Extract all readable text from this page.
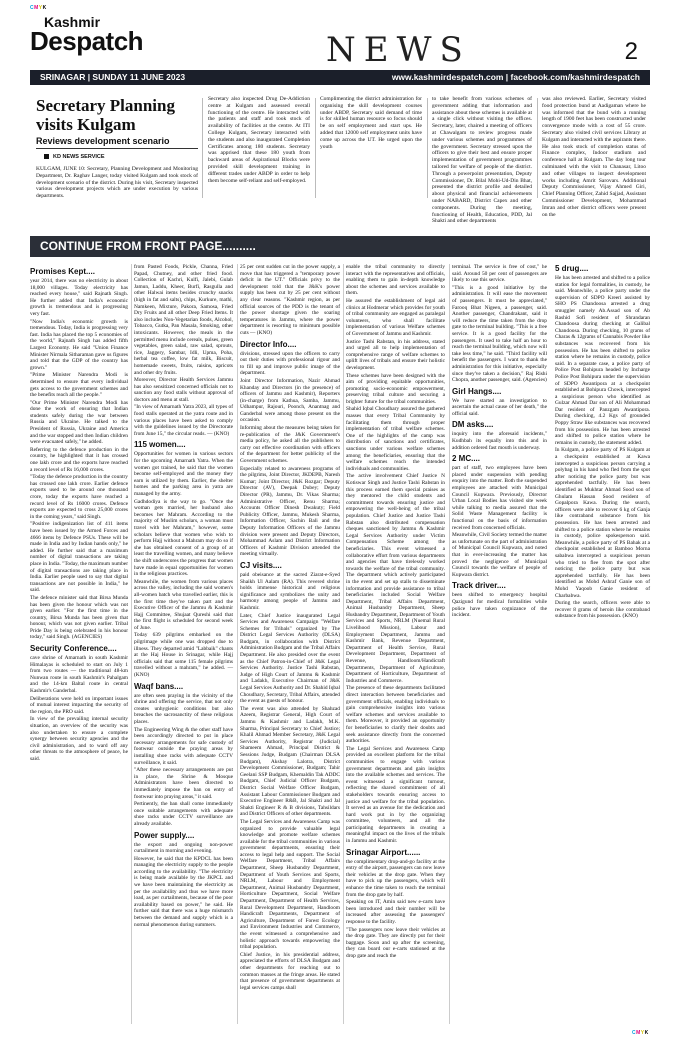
CMYK
Kashmir
Despatch	NEWS	2
SRINAGAR | SUNDAY 11 JUNE 2023	www.kashmirdespatch.com | facebook.com/kashmirdespatch
Secretary Planning visits Kulgam
Reviews development scenario
KD NEWS SERVICE

KULGAM, JUNE 10: Secretary, Planning Development and Monitoring Department, Dr. Raghav Langer, today visited Kulgam and took stock of development scenario of the district. During his visit, Secretary inspected various development projects which are under execution by various departments.

Secretary also inspected Drug De-Addiction centre at Kulgam and assessed overall functioning of the centre. He interacted with the patients and staff and took stock of availability of facilities at the centre. At ITI College Kulgam, Secretary interacted with the students and also inaugurated Completion Certificates among 180 students. Secretary was apprised that these 180 youth from backward areas of Aspirational Blocks were provided skill development training in different trades under ABDP in order to help them become self-reliant and self-employed.

Complimenting the district administration for organising the skill development courses under ABDP, Secretary said demand of time is for skilled human resource so focus should be on self employment and start ups. He added that 12000 self employment units have come up across the UT. He urged upon the youth

to take benefit from various schemes of government adding that information and assistance about these schemes is available at a single click without visiting the offices. Secretary, later, chaired a meeting of officers at Chawalgam to review progress made under various schemes and programmes of the government. Secretary stressed upon the officers to give their best and ensure proper implementation of government programmes tailored for welfare of people of the district. Through a powerpoint presentation, Deputy Commissioner, Dr. Bilal Mohi-Ud-Din Bhat, presented the district profile and detailed about physical and financial achievements under NABARD, District Capex and other components. During the meeting, functioning of Health, Education, PDD, Jal Shakti and other departments

was also reviewed. Earlier, Secretary visited food protection bund at Aadigaman where he was informed that the bund with a running length of 1900 feet has been constructed under convergence mode with a cost of 55 crore. Secretary also visited civil services Library at Kulgam and interacted with the aspirants there. He also took stock of completion status of Finance complex, Indoor stadium and conference hall at Kulgam. The day long tour culminated with the visit to Chanasar, Litoo and other villages to inspect development works including Amrit Sarovars. Additional Deputy Commissioner, Vijay Ahmed Giri, Chief Planning Officer, Zahid Sajjad, Assistant Commissioner Development, Mohammad Imran and other district officers were present on the

CONTINUE FROM FRONT PAGE..........
Promises Kept....

year 2014, there was no electricity in about 18,000 villages. Today electricity has reached every house," said Rajnath Singh. He further added that India's economic growth is tremendous and is progressing very fast.

"Now India's economic growth is tremendous. Today, India is progressing very fast. India has placed the top 5 economies of the world," Rajnath Singh has added fifth Largest Economy. He said "Union Finance Minister Nirmala Sitharaman gave us figures and told that the GDP of the country has grown."

"Prime Minister Narendra Modi is determined to ensure that every individual gets access to the government schemes and the benefits reach all the people."

"Our Prime Minister Narendra Modi has done the work of ensuring that Indian students safely during the war between Russia and Ukraine. He talked to the President of Russia, Ukraine and America and the war stopped and then Indian children were evacuated safely," he added.

Referring to the defence production in the country, he highlighted that it has crossed one lakh crore and the exports have reached a record level of Rs 16,000 crores.

"Today the defence production in the country has crossed one lakh crore. Earlier defence exports used to be around one thousand crore, today the exports have reached a record level of Rs 16000 crores. Defence exports are expected to cross 25,000 crores in the coming years," said Singh.

"Positive indigenization list of 411 items have been issued by the Armed Forces and 4666 items by Defence PSUs. These will be made in India and by Indian hands only," he added. He further said that a maximum number of digital transactions are taking place in India. "Today, the maximum number of digital transactions are taking place in India. Earlier people used to say that digital transactions are not possible in India," he said.

The defence minister said that Birsa Munda has been given the honour which was not given earlier. "For the first time in the country, Birsa Munda has been given that honour, which was not given earlier. Tribal Pride Day is being celebrated in his honour today," said Singh. (AGENCIES)

Security Conference....

cave shrine of Amarnath in south Kashmir Himalayas is scheduled to start on July 1 from two routes — the traditional 48-km Nunwan route in south Kashmir's Pahalgam and the 14-km Baltal route in central Kashmir's Ganderbal.

Deliberations were held on important issues of mutual interest impacting the security of the region, the PRO said.

In view of the prevailing internal security situation, an overview of the security was also undertaken to ensure a complete synergy between security agencies and the civil administration, and to ward off any other threats to the atmosphere of peace, he said.

from Pasted Foods, Pickle, Channa, Fried Papad, Chutney, and other fried food. Collection of Kachri, Kulfi, Jalebi, Gulab Jamun, Laddu, Kheer, Burfi, Rasgulla and other Halwai items besides crunchy snacks (high in fat and salts), chips, Kurkure, mathi, Namkeen, Mixture, Pakora, Samosa, Fried Dry Fruits and all other Deep Fried Items. It also includes Non-Vegetarian foods, Alcohol, Tobacco, Gutka, Pan Masala, Smoking, other intoxicants. However, the meals in the permitted menu include cereals, pulses, green vegetables, green salad, raw salad, sprouts, rice, Jaggery, Sambar, Idli, Upma, Poha, herbal tea coffee, low fat milk, Biscuit, homemade sweets, fruits, raisins, apricots and other dry fruits.

Moreover, Director Health Services Jammu has also sensitized concerned officials not to sanction any food stalls without approval of doctors and menu at stall.

"In view of Amarnath Yatra 2023, all types of food stalls operated at the yatra route and in various places have been asked to comply with the guidelines issued by the Directorate from June 15," the circular reads. — (KNO)

115 women....

Opportunities for women in various sectors for the upcoming Amarnath Yatra. When the women got trained, he said that the women become self-employed and the money they earn is utilized by them. Earlier, the shelter homes and the parking area in yatra are managed by the army.

Gadhdodiya is the way to go. "Once the woman gets married, her husband also becomes her Mahram. According to the majority of Muslim scholars, a woman must travel with her Mahram," however, some scholars believe that women who wish to perform Hajj without a Mahram may do so if she has obtained consent of a group of at least the travelling women, and many believe the shift underscores the progress that women have made in equal opportunities for women in the religious practices.

Meanwhile, the women from various places across the valley, including the said women's all-women batch who travelled earlier, this is the first time they've taken part and the Executive Officer of the Jammu & Kashmir Hajj Committee, Shujaat Qureshi said that the first flight is scheduled for second week of June.

Today 639 pilgrims embarked on the pilgrimage while one was dropped due to illness. They departed amid "Labbaik" chants at the Haj House in Srinagar, while Hajj officials said that some 115 female pilgrims travelled without a mahram," he added. — (KNO)

Waqf bans....

are often seen praying in the vicinity of the shrine and offering the service, that not only creates unhygienic conditions but also breaches the sacrosanctity of these religious places.

The Engineering Wing & the other staff have been accordingly directed to put in place necessary arrangements for safe custody of footwear outside the praying areas by installing shoe racks with adequate CCTV surveillance, it said.

"After these necessary arrangements are put in place, the Shrine & Mosque Administrators have been directed to immediately impose the ban on entry of footwear into praying areas," it said.

Pertinently, the ban shall come immediately once suitable arrangements with adequate shoe racks under CCTV surveillance are already available.

Power supply....

the export and ongoing non-power curtailment in morning and evening.

However, he said that the KPDCL has been managing the electricity supply to the people according to the availability. "The electricity is being made available by the JKPCL and we have been maintaining the electricity as per the availability and thus we have more load, as per curtailments, because of the poor availability based on power," he said. He further said that there was a huge mismatch between the demand and supply which is a normal phenomenon during summers.

25 per cent sudden cut in the power supply, a move that has triggered a "temporary power deficit in the UT." Officials privy to the development told that the J&K's power supply has been cut by 25 per cent without any clear reasons. "Kashmir region, as per official sources of the PDD is the tenant of the power shortage given the soaring temperatures in Jammu, where the power department is resorting to minimum possible cuts — (KNO)

Director Info....

divisions, stressed upon the officers to carry out their duties with professional rigour and to fill up and improve public image of the department.

Joint Director Information, Nazir Ahmad Khanday and Directors (in the presence) of officers of Jammu and Kashmir), Reporters (in-charge) from Kathua, Samba, Jammu, Udhampur, Rajouri, Poonch, Anantnag and Ganderbal were among those present on the occasion.

Informing about the measures being taken for re-publication of the J&K Government's media policy, he asked all the publishers to carry out effective coordination with officers of the department for better publicity of the Government schemes.

Especially related to awareness programs of the pilgrims, Joint Director, JKDEPB, Naresh Kumar; Joint Director, J&K Rozgar; Deputy Director (AV), Deepak Dubey; Deputy Director (PR), Jammu, Dr. Vikas Sharma; Administrative Officer, Renu Sharma; Accounts Officer Dinesh Dwakuty; Field Publicity Officer, Jammu, Mukesh Sharma, Information Officer, Sachin Bali and the Deputy Information Officers of the Jammu division were present and Deputy Directors, Mohammad Aslam and District Information Officers of Kashmir Division attended the meeting virtually.

CJ visits....

paid obeisance at the sacred Ziarat-e-Syed Shaikh Ul Aalam (RA). This revered shrine holds immense historical and religious significance and symbolizes the unity and harmony among people of Jammu and Kashmir.

Later, Chief Justice inaugurated Legal Services and Awareness Campaign "Welfare Schemes for Tribals" organized by The District Legal Services Authority (DLSA) Budgam, in collaboration with District Administration Budgam and the Tribal Affairs Department. He also presided over the event as the Chief Patron-in-Chief of J&K Legal Services Authority. Justice Tashi Rabstan, Judge of High Court of Jammu & Kashmir and Ladakh, Executive Chairman of J&K Legal Services Authority and Dr. Shahid Iqbal Choudhary, Secretary, Tribal Affairs, attended the event as guests of honour.

The event was also attended by Shahzad Azeem, Registrar General, High Court of Jammu & Kashmir and Ladakh, M.K. Sharma, Principal Secretary to Chief Justice; Khalil Ahmad Member Secretary, J&K Legal Services Authority, Registrar (Judicial) Shameem Ahmad, Principal District & Sessions Judge, Budgam (Chairman DLSA Budgam), Akshay Lalotra, District Development Commissioner, Budgam; Tahir Geelani SSP Budgam, Khemaldin Tak ADDC Budgam, Chief Judicial Officer Budgam, District Social Welfare Officer Budgam, Assistant Labour Commissioner Budgam and Executive Engineer R&B, Jal Shakti and Jal Shakti Engineer R & B divisions, Tahsildars and District Officers of other departments.

The Legal Services and Awareness Camp was organized to provide valuable legal knowledge and promote welfare schemes available for the tribal communities in various government departments, ensuring their access to legal help and support. The Social Welfare Department, Tribal Affairs Department, Sheep Husbandry Department, Department of Youth Services and Sports, NRLM, Labour and Employment Department, Animal Husbandry Department, Horticulture Department, Social Welfare Department, Department of Health Services, Rural Development Department, Handloom Handicraft Departments, Department of Agriculture, Department of Forest Ecology and Environment Industries and Commerce, the event witnessed a comprehensive and holistic approach towards empowering the tribal population.

Chief Justice, in his presidential address, appreciated the efforts of DLSA Budgam and other departments for reaching out to common masses at the fringe areas. He stated that presence of government departments at legal services camps shall

enable the tribal community to directly interact with the representatives and officials, enabling them to gain in-depth knowledge about the schemes and services available to them.

He assured the establishment of legal aid clinics at Hodmerar which provides for youth of tribal community are engaged as paralegal volunteers, who shall facilitate implementation of various Welfare schemes of Government of Jammu and Kashmir.

Justice Tashi Rabstan, in his address, stated and urged all to help implementation of comprehensive range of welfare schemes to uplift lives of tribals and ensure their holistic development.

These schemes have been designed with the aim of providing equitable opportunities, promoting socio-economic empowerment, preserving tribal culture and securing a brighter future for the tribal communities.

Shahid Iqbal Choudhary assured the gathered masses that every Tribal Community by facilitating them through proper implementation of tribal welfare schemes. One of the highlights of the camp was distribution of sanctions and certificates, sanctions under various welfare schemes among the beneficiaries, ensuring that the welfare schemes reach the intended individuals and communities.

The active involvement Chief Justice N Kotiswar Singh and Justice Tashi Rabstan in this process earned them special praises as they mentored the child students and commitment towards ensuring justice and empowering the well-being of the tribal population. Chief Justice and Justice Tashi Rabstan also distributed compensation cheques sanctioned by Jammu & Kashmir Legal Services Authority under Victim Compensation Scheme among the beneficiaries. This event witnessed a collaborative effort from various departments and agencies that have tirelessly worked towards the welfare of the tribal community. The department which actively participated in the event and set up stalls to disseminate information and provide assistance to tribal beneficiaries included Social Welfare Department, Tribal Affairs Department, Animal Husbandry Department, Sheep Husbandry Department, Department of Youth Services and Sports, NRLM (Nuemal Rural Livelihood Mission), Labour and Employment Department, Jammu and Kashmir Bank, Revenue Department, Department of Health Service, Rural Development Department, Department of Revenue, Handloom/Handicraft Departments, Department of Agriculture, Department of Horticulture, Department of Industries and Commerce.

The presence of these departments facilitated direct interaction between beneficiaries and government officials, enabling individuals to gain comprehensive insights into various welfare schemes and services available to them. Moreover, it provided an opportunity for beneficiaries to clarify their doubts and seek assistance directly from the concerned authorities.

The Legal Services and Awareness Camp provided an excellent platform for the tribal communities to engage with various government departments and gain insights into the available schemes and services. The event witnessed a significant turnout, reflecting the shared commitment of all stakeholders towards ensuring access to justice and welfare for the tribal population. It served as an avenue for the dedication and hard work put in by the organizing committee, volunteers, and all the participating departments in creating a meaningful impact on the lives of the tribals in Jammu and Kashmir.

Srinagar Airport......

the complimentary drop-and-go facility at the entry of the airport, passengers can now leave their vehicles at the drop gate. When they have to pick up the passengers, which will enhance the time taken to reach the terminal from the drop gate by half.

Speaking on IT, Amin said new e-carts have been introduced and their number will be increased after assessing the passengers' response to the facility.

"The passengers now leave their vehicles at the drop gate. They are directly put for their baggage. Soon and up after the screening, they can board our e-carts stationed at the drop gate and reach the

terminal. The service is free of cost," he said. Around 50 per cent of passengers are likely to use this service.

"This is a good initiative by the administration. It will ease the movement of passengers. It must be appreciated," Farooq Bhat Nigeen, a passenger, said. Another passenger, Chandrakant, said it will reduce the time taken from the drop gate to the terminal building. "This is a free service. It is a good facility for the passengers. It used to take half an hour to reach the terminal building, which now will take less time," he said. "Third facility will benefit the passengers. I want to thank the administration for this initiative, especially since they've taken a decision," Raj Rishi Chopra, another passenger, said. (Agencies)

Girl Hangs....

We have started an investigation to ascertain the actual cause of her death," the official said.

DM asks....

inquiry into the aforesaid incidents," Kudhbah its equally into this and in addition ordered fast mouth is underway.

2 MC....

part of staff, two employees have been placed under suspension with pending enquiry into the matter. Both the suspended employees are attached with Municipal Council Kupwara. Previously, Director Urban Local Bodies has visited site week while talking to media assured that the Solid Waste Management facility is functional on the basis of information received from concerned officials.

Meanwhile, Civil Society termed the matter as unfortunate on the part of administration of Municipal Council Kupwara, and noted that in ever-increasing the matter has proved the negligence of Municipal Council towards the welfare of people of Kupwara district.

Track driver....

been shifted to emergency hospital Qazigund for medical formalities while police have taken cognizance of the incident.

5 drug....

He has been arrested and shifted to a police station for legal formalities, in custody, he said. Meanwhile, a police party under the supervision of SDPO Kreeri assisted by SHO PS Chandoosa arrested a drug smuggler namely Ab.Assad son of Ab Rashid Sofi resident of Shrandaran Chandoosa during checking at Galibal Chandoosa. During checking, 10 grams of Charas & 12grams of Cannabis Powder like substances was recovered from his possession. He has been shifted to police station where he remains in custody, police said. In a separate case, a police party of Police Post Bohipura headed by Incharge Police Post Bohipura under the supervision of SDPO Awantipora at a checkpoint established at Bohipura Chowk, intercepted a suspicious person who identified as Gulzar Ahmad Dar son of Ali Mohammad Dar resident of Panzgam Awantipora. During checking, 4.2 Kgs of grounded Poppy Straw like substances was recovered from his possession. He has been arrested and shifted to police station where he remains in custody, the statement added.

In Kulgam, a police party of PS Kulgam at a checkpoint established at Kawa intercepted a suspicious person carrying a polybag in his hand who fled from the spot after noticing the police party but was apprehended tactfully. He has been identified as Mukhtar Ahmad Sood son of Ghulam Hassan Sood resident of Gopalpora Kawa. During the search, officers were able to recover 6 kg of Ganja like contraband substance from his possession. He has been arrested and shifted to a police station where he remains in custody, police spokesperson said. Meanwhile, a police party of PS Bahak at a checkpoint established at Bamboo Morna sababwa intercepted a suspicious person who tried to flee from the spot after noticing the police party but was apprehended tactfully. He has been identified as Mohd Ashraf Ganie son of Mohd Yaqoob Ganie resident of Charbabwa.

During the search, officers were able to recover 8 grams of heroin like contraband substance from his possession. (KNO)

CMYK
